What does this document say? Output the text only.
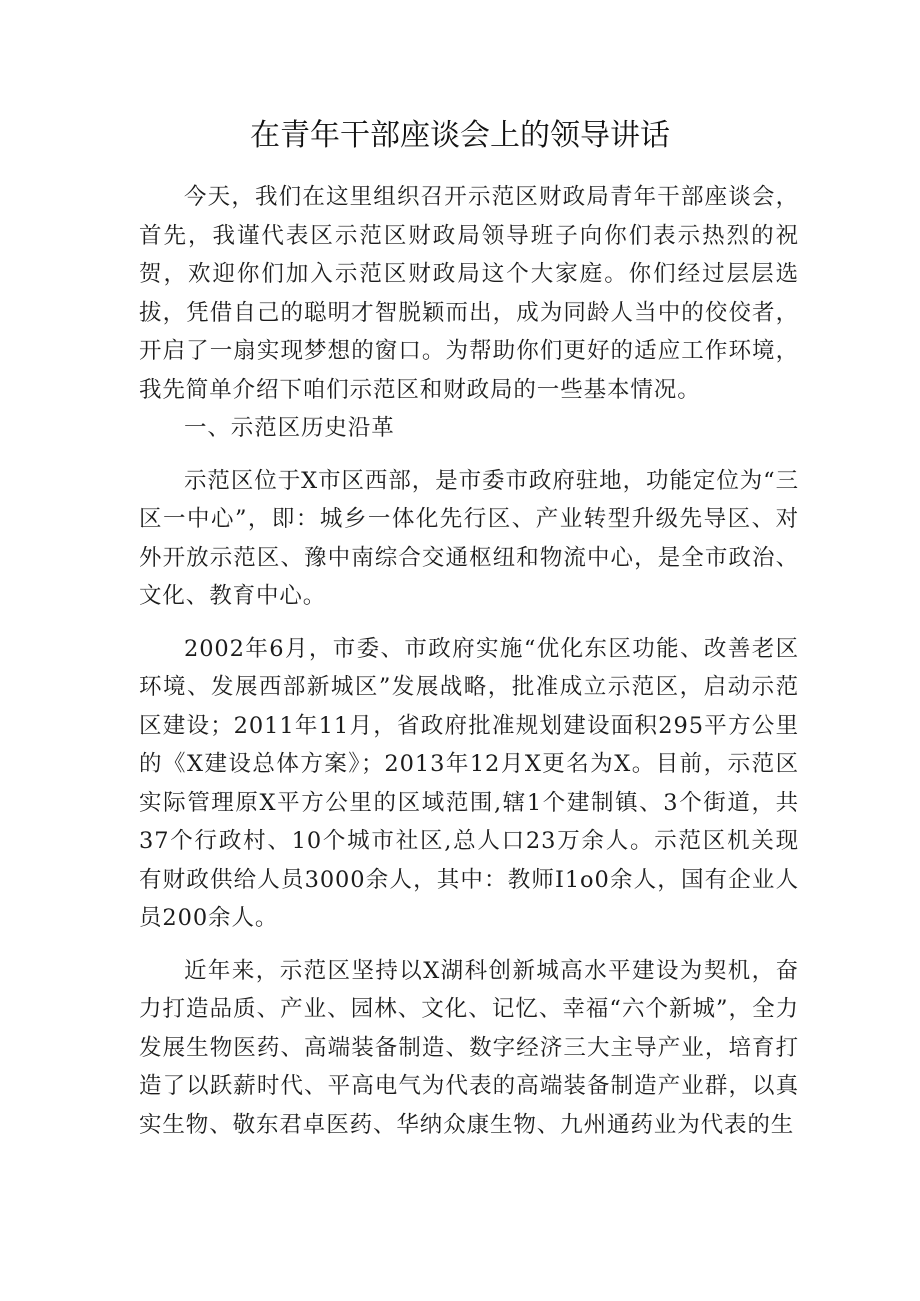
在青年干部座谈会上的领导讲话

今天，我们在这里组织召开示范区财政局青年干部座谈会，首先，我谨代表区示范区财政局领导班子向你们表示热烈的祝贺，欢迎你们加入示范区财政局这个大家庭。你们经过层层选拔，凭借自己的聪明才智脱颖而出，成为同龄人当中的佼佼者，开启了一扇实现梦想的窗口。为帮助你们更好的适应工作环境，我先简单介绍下咱们示范区和财政局的一些基本情况。

一、示范区历史沿革

示范区位于X市区西部，是市委市政府驻地，功能定位为“三区一中心”，即：城乡一体化先行区、产业转型升级先导区、对外开放示范区、豫中南综合交通枢纽和物流中心，是全市政治、文化、教育中心。

2002年6月，市委、市政府实施“优化东区功能、改善老区环境、发展西部新城区”发展战略，批准成立示范区，启动示范区建设；2011年11月，省政府批准规划建设面积295平方公里的《X建设总体方案》；2013年12月X更名为X。目前，示范区实际管理原X平方公里的区域范围,辖1个建制镇、3个街道，共37个行政村、10个城市社区,总人口23万余人。示范区机关现有财政供给人员3000余人，其中：教师I1o0余人，国有企业人员200余人。

近年来，示范区坚持以X湖科创新城高水平建设为契机，奋力打造品质、产业、园林、文化、记忆、幸福“六个新城”，全力发展生物医药、高端装备制造、数字经济三大主导产业，培育打造了以跃薪时代、平高电气为代表的高端装备制造产业群，以真实生物、敬东君卓医药、华纳众康生物、九州通药业为代表的生
